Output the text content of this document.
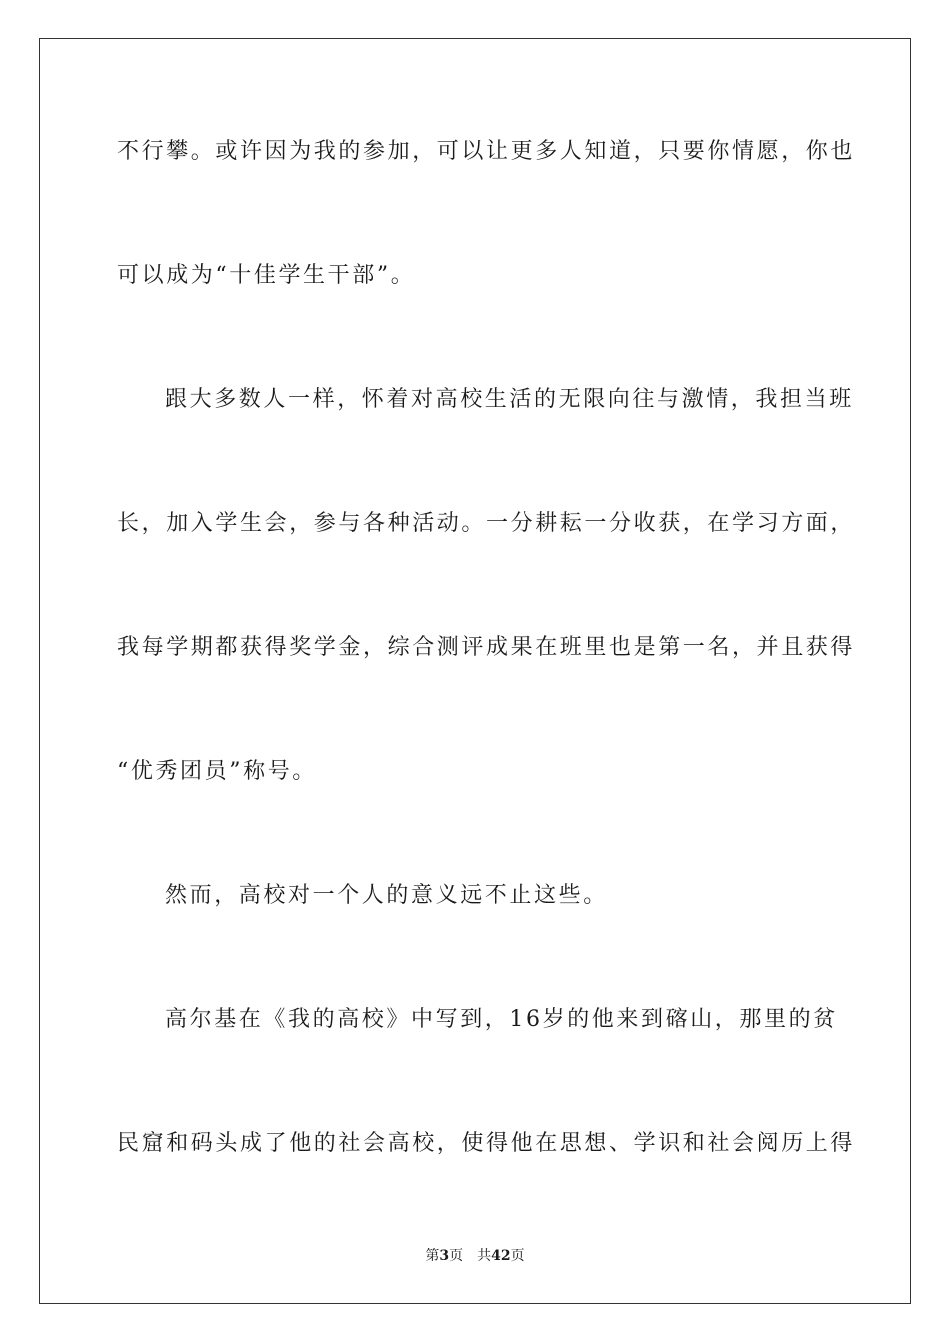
不行攀。或许因为我的参加，可以让更多人知道，只要你情愿，你也
可以成为“十佳学生干部”。
跟大多数人一样，怀着对高校生活的无限向往与激情，我担当班
长，加入学生会，参与各种活动。一分耕耘一分收获，在学习方面，
我每学期都获得奖学金，综合测评成果在班里也是第一名，并且获得
“优秀团员”称号。
然而，高校对一个人的意义远不止这些。
高尔基在《我的高校》中写到，16岁的他来到碦山，那里的贫
民窟和码头成了他的社会高校，使得他在思想、学识和社会阅历上得
第3页 共42页
